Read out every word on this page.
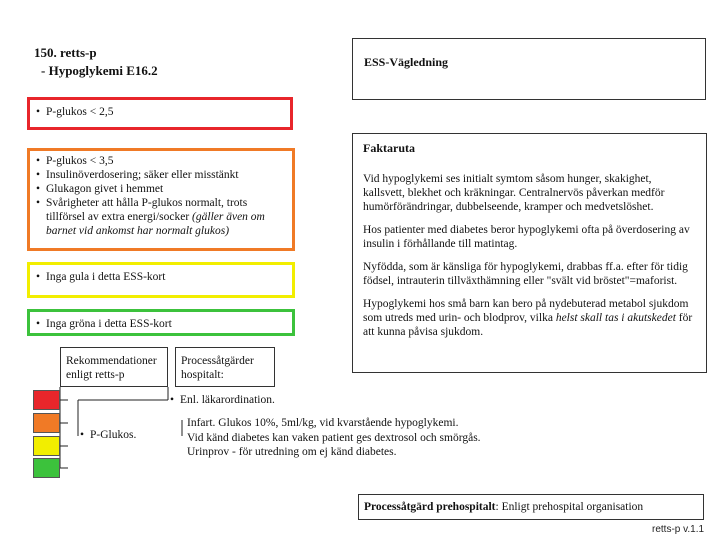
150. retts-p
- Hypoglykemi E16.2
ESS-Vägledning
• P-glukos < 2,5
• P-glukos < 3,5
• Insulinöverdosering; säker eller misstänkt
• Glukagon givet i hemmet
• Svårigheter att hålla P-glukos normalt, trots tillförsel av extra energi/socker (gäller även om barnet vid ankomst har normalt glukos)
• Inga gula i detta ESS-kort
• Inga gröna i detta ESS-kort
Faktaruta

Vid hypoglykemi ses initialt symtom såsom hunger, skakighet, kallsvett, blekhet och kräkningar. Centralnervös påverkan medför humörförändringar, dubbelseende, kramper och medvetslöshet.

Hos patienter med diabetes beror hypoglykemi ofta på överdosering av insulin i förhållande till matintag.

Nyfödda, som är känsliga för hypoglykemi, drabbas ff.a. efter för tidig födsel, intrauterin tillväxthämning eller "svält vid bröstet"=maforist.

Hypoglykemi hos små barn kan bero på nydebuterad metabol sjukdom som utreds med urin- och blodprov, vilka helst skall tas i akutskedet för att kunna påvisa sjukdom.

Rekommendationer enligt retts-p
Processåtgärder hospitalt:
• Enl. läkarordination.
• P-Glukos.
Infart. Glukos 10%, 5ml/kg, vid kvarstående hypoglykemi.
Vid känd diabetes kan vaken patient ges dextrosol och smörgås.
Urinprov - för utredning om ej känd diabetes.
Processåtgärd prehospitalt: Enligt prehospital organisation
retts-p v.1.1
